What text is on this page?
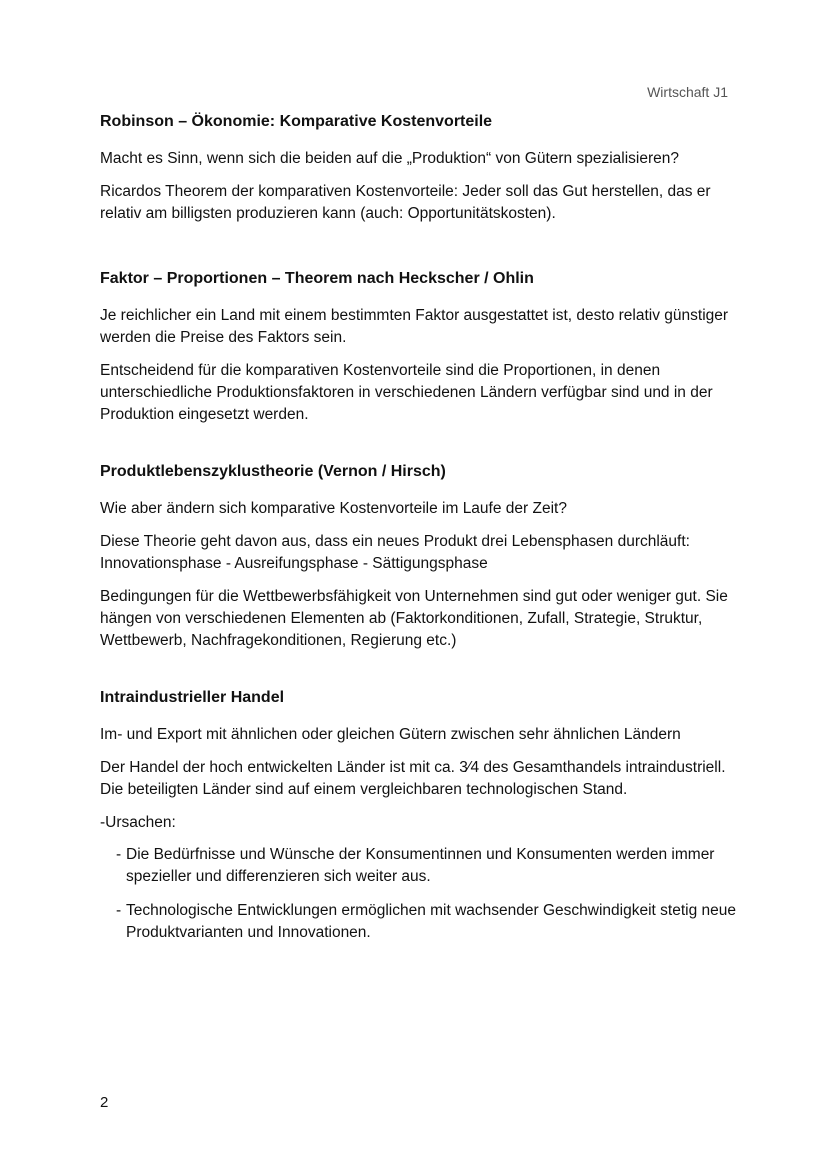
Wirtschaft J1
Robinson – Ökonomie: Komparative Kostenvorteile

Macht es Sinn, wenn sich die beiden auf die „Produktion“ von Gütern spezialisieren?

Ricardos Theorem der komparativen Kostenvorteile: Jeder soll das Gut herstellen, das er relativ am billigsten produzieren kann (auch: Opportunitätskosten).

Faktor – Proportionen – Theorem nach Heckscher / Ohlin

Je reichlicher ein Land mit einem bestimmten Faktor ausgestattet ist, desto relativ günstiger werden die Preise des Faktors sein.

Entscheidend für die komparativen Kostenvorteile sind die Proportionen, in denen unterschiedliche Produktionsfaktoren in verschiedenen Ländern verfügbar sind und in der Produktion eingesetzt werden.

Produktlebenszyklustheorie (Vernon / Hirsch)

Wie aber ändern sich komparative Kostenvorteile im Laufe der Zeit?

Diese Theorie geht davon aus, dass ein neues Produkt drei Lebensphasen durchläuft: Innovationsphase - Ausreifungsphase - Sättigungsphase

Bedingungen für die Wettbewerbsfähigkeit von Unternehmen sind gut oder weniger gut. Sie hängen von verschiedenen Elementen ab (Faktorkonditionen, Zufall, Strategie, Struktur, Wettbewerb, Nachfragekonditionen, Regierung etc.)

Intraindustrieller Handel

Im- und Export mit ähnlichen oder gleichen Gütern zwischen sehr ähnlichen Ländern

Der Handel der hoch entwickelten Länder ist mit ca. 3⁄4 des Gesamthandels intraindustriell. Die beteiligten Länder sind auf einem vergleichbaren technologischen Stand.

-Ursachen:
- Die Bedürfnisse und Wünsche der Konsumentinnen und Konsumenten werden immer spezieller und differenzieren sich weiter aus.
- Technologische Entwicklungen ermöglichen mit wachsender Geschwindigkeit stetig neue Produktvarianten und Innovationen.
2
